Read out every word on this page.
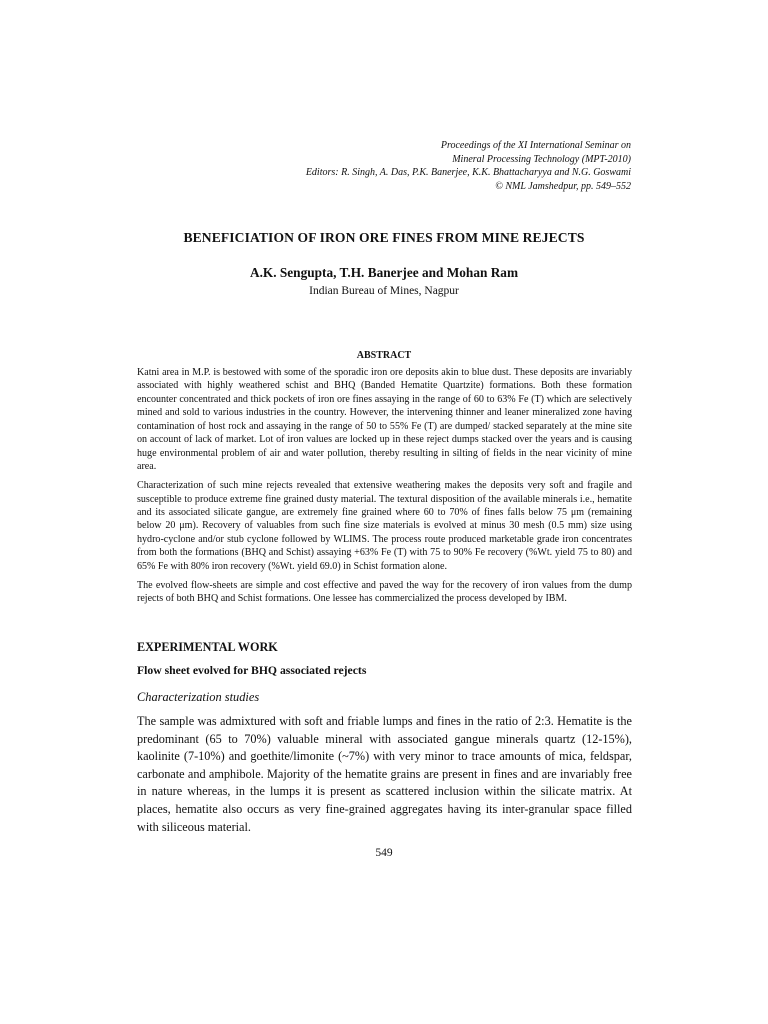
Proceedings of the XI International Seminar on
Mineral Processing Technology (MPT-2010)
Editors: R. Singh, A. Das, P.K. Banerjee, K.K. Bhattacharyya and N.G. Goswami
© NML Jamshedpur, pp. 549–552
BENEFICIATION OF IRON ORE FINES FROM MINE REJECTS
A.K. Sengupta, T.H. Banerjee and Mohan Ram
Indian Bureau of Mines, Nagpur
ABSTRACT

Katni area in M.P. is bestowed with some of the sporadic iron ore deposits akin to blue dust. These deposits are invariably associated with highly weathered schist and BHQ (Banded Hematite Quartzite) formations. Both these formation encounter concentrated and thick pockets of iron ore fines assaying in the range of 60 to 63% Fe (T) which are selectively mined and sold to various industries in the country. However, the intervening thinner and leaner mineralized zone having contamination of host rock and assaying in the range of 50 to 55% Fe (T) are dumped/ stacked separately at the mine site on account of lack of market. Lot of iron values are locked up in these reject dumps stacked over the years and is causing huge environmental problem of air and water pollution, thereby resulting in silting of fields in the near vicinity of mine area.

Characterization of such mine rejects revealed that extensive weathering makes the deposits very soft and fragile and susceptible to produce extreme fine grained dusty material. The textural disposition of the available minerals i.e., hematite and its associated silicate gangue, are extremely fine grained where 60 to 70% of fines falls below 75 μm (remaining below 20 μm). Recovery of valuables from such fine size materials is evolved at minus 30 mesh (0.5 mm) size using hydro-cyclone and/or stub cyclone followed by WLIMS. The process route produced marketable grade iron concentrates from both the formations (BHQ and Schist) assaying +63% Fe (T) with 75 to 90% Fe recovery (%Wt. yield 75 to 80) and 65% Fe with 80% iron recovery (%Wt. yield 69.0) in Schist formation alone.

The evolved flow-sheets are simple and cost effective and paved the way for the recovery of iron values from the dump rejects of both BHQ and Schist formations. One lessee has commercialized the process developed by IBM.

EXPERIMENTAL WORK
Flow sheet evolved for BHQ associated rejects
Characterization studies

The sample was admixtured with soft and friable lumps and fines in the ratio of 2:3. Hematite is the predominant (65 to 70%) valuable mineral with associated gangue minerals quartz (12-15%), kaolinite (7-10%) and goethite/limonite (~7%) with very minor to trace amounts of mica, feldspar, carbonate and amphibole. Majority of the hematite grains are present in fines and are invariably free in nature whereas, in the lumps it is present as scattered inclusion within the silicate matrix. At places, hematite also occurs as very fine-grained aggregates having its inter-granular space filled with siliceous material.

549
